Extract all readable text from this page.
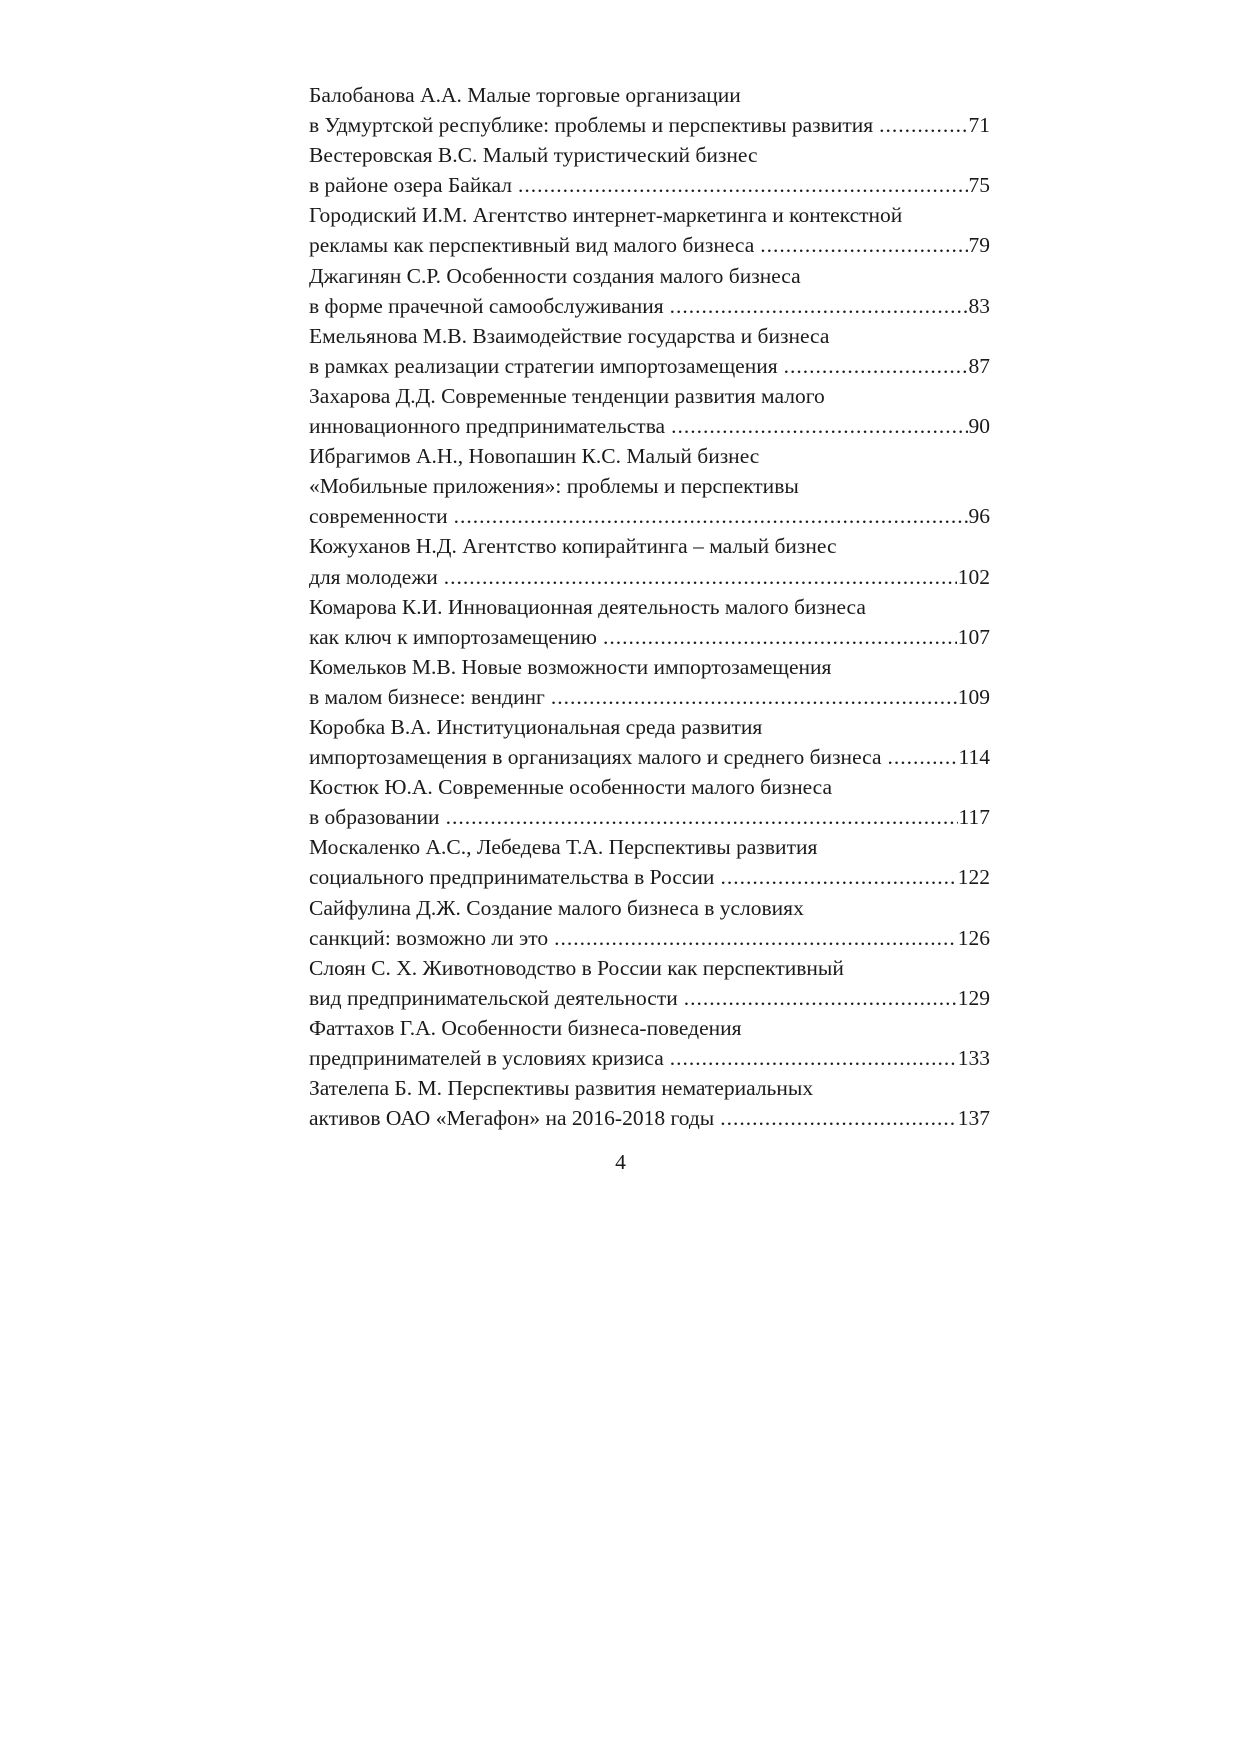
Балобанова А.А. Малые торговые организации
в Удмуртской республике: проблемы и перспективы развития .....	71
Вестеровская В.С. Малый туристический бизнес
в районе озера Байкал .....	75
Городиский И.М. Агентство интернет-маркетинга и контекстной
рекламы как перспективный вид малого бизнеса .....	79
Джагинян С.Р. Особенности создания малого бизнеса
в форме прачечной самообслуживания .....	83
Емельянова М.В. Взаимодействие государства и бизнеса
в рамках реализации стратегии импортозамещения .....	87
Захарова Д.Д. Современные тенденции развития малого
инновационного предпринимательства .....	90
Ибрагимов А.Н., Новопашин К.С. Малый бизнес
«Мобильные приложения»: проблемы и перспективы
современности .....	96
Кожуханов Н.Д. Агентство копирайтинга – малый бизнес
для молодежи .....	102
Комарова К.И. Инновационная деятельность малого бизнеса
как ключ к импортозамещению .....	107
Комельков М.В. Новые возможности импортозамещения
в малом бизнесе: вендинг .....	109
Коробка В.А. Институциональная среда развития
импортозамещения в организациях малого и среднего бизнеса .....	114
Костюк Ю.А. Современные особенности малого бизнеса
в образовании .....	117
Москаленко А.С., Лебедева Т.А. Перспективы развития
социального предпринимательства в России .....	122
Сайфулина Д.Ж. Создание малого бизнеса в условиях
санкций: возможно ли это .....	126
Слоян С. Х. Животноводство в России как перспективный
вид предпринимательской деятельности .....	129
Фаттахов Г.А. Особенности бизнеса-поведения
предпринимателей в условиях кризиса .....	133
Зателепа Б. М. Перспективы развития нематериальных
активов ОАО «Мегафон» на 2016-2018 годы .....	137
4
